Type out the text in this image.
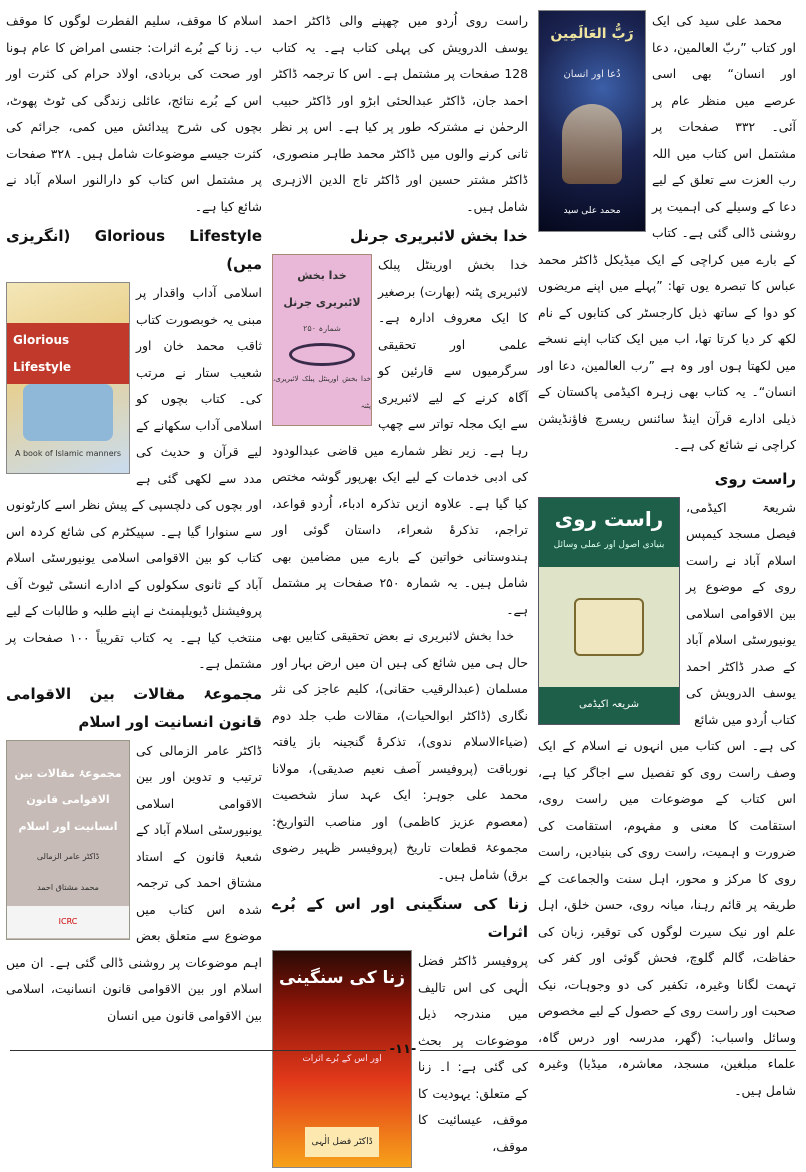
رَبُّ العَالَمِین
دُعا اور انسان
محمد علی سید

محمد علی سید کی ایک اور کتاب ”ربّ العالمین، دعا اور انسان“ بھی اسی عرصے میں منظر عام پر آئی۔ ۳۳۲ صفحات پر مشتمل اس کتاب میں اللہ رب العزت سے تعلق کے لیے دعا کے وسیلے کی اہمیت پر روشنی ڈالی گئی ہے۔ کتاب کے بارے میں کراچی کے ایک میڈیکل ڈاکٹر محمد عباس کا تبصرہ یوں تھا: ”پہلے میں اپنے مریضوں کو دوا کے ساتھ ذیل کارجسٹر کی کتابوں کے نام لکھ کر دیا کرتا تھا، اب میں ایک کتاب اپنے نسخے میں لکھتا ہوں اور وہ ہے ”رب العالمین، دعا اور انسان“۔ یہ کتاب بھی زہرہ اکیڈمی پاکستان کے ذیلی ادارے قرآن اینڈ سائنس ریسرچ فاؤنڈیشن کراچی نے شائع کی ہے۔

راست روی
راست روی
بنیادی اصول اور عملی وسائل
شریعہ اکیڈمی

شریعۃ اکیڈمی، فیصل مسجد کیمپس اسلام آباد نے راست روی کے موضوع پر بین الاقوامی اسلامی یونیورسٹی اسلام آباد کے صدر ڈاکٹر احمد یوسف الدرویش کی کتاب اُردو میں شائع

کی ہے۔ اس کتاب میں انہوں نے اسلام کے ایک وصف راست روی کو تفصیل سے اجاگر کیا ہے، اس کتاب کے موضوعات میں راست روی، استقامت کا معنی و مفہوم، استقامت کی ضرورت و اہمیت، راست روی کی بنیادیں، راست روی کا مرکز و محور، اہل سنت والجماعت کے طریقہ پر قائم رہنا، میانہ روی، حسن خلق، اہل علم اور نیک سیرت لوگوں کی توقیر، زبان کی حفاظت، گالم گلوچ، فحش گوئی اور کفر کی تہمت لگانا وغیرہ، تکفیر کی دو وجوہات، نیک صحبت اور راست روی کے حصول کے لیے مخصوص وسائل واسباب: (گھر، مدرسہ اور درس گاہ، علماء مبلغین، مسجد، معاشرہ، میڈیا) وغیرہ شامل ہیں۔

راست روی اُردو میں چھپنے والی ڈاکٹر احمد یوسف الدرویش کی پہلی کتاب ہے۔ یہ کتاب 128 صفحات پر مشتمل ہے۔ اس کا ترجمہ ڈاکٹر احمد جان، ڈاکٹر عبدالحئی ابڑو اور ڈاکٹر حبیب الرحمٰن نے مشترکہ طور پر کیا ہے۔ اس پر نظر ثانی کرنے والوں میں ڈاکٹر محمد طاہر منصوری، ڈاکٹر مشتر حسین اور ڈاکٹر تاج الدین الازہری شامل ہیں۔

خدا بخش لائبریری جرنل
خدا بخش لائبریری جرنل
شمارہ ۲۵۰
خدا بخش اورینٹل پبلک لائبریری، پٹنہ

خدا بخش اورینٹل پبلک لائبریری پٹنہ (بھارت) برصغیر کا ایک معروف ادارہ ہے۔ علمی اور تحقیقی سرگرمیوں سے قارئین کو آگاہ کرنے کے لیے لائبریری سے ایک مجلہ تواتر سے چھپ رہا ہے۔ زیر نظر شمارے میں قاضی عبدالودود کی ادبی خدمات کے لیے ایک بھرپور گوشہ مختص کیا گیا ہے۔ علاوہ ازیں تذکرہ ادباء، اُردو قواعد، تراجم، تذکرۂ شعراء، داستان گوئی اور ہندوستانی خواتین کے بارے میں مضامین بھی شامل ہیں۔ یہ شمارہ ۲۵۰ صفحات پر مشتمل ہے۔

خدا بخش لائبریری نے بعض تحقیقی کتابیں بھی حال ہی میں شائع کی ہیں ان میں ارض بہار اور مسلمان (عبدالرقیب حقانی)، کلیم عاجز کی نثر نگاری (ڈاکٹر ابوالحیات)، مقالات طب جلد دوم (ضیاءالاسلام ندوی)، تذکرۂ گنجینہ باز یافتہ نورباقت (پروفیسر آصف نعیم صدیقی)، مولانا محمد علی جوہر: ایک عہد ساز شخصیت (معصوم عزیز کاظمی) اور مناصب التواریخ: مجموعۂ قطعات تاریخ (پروفیسر ظہیر رضوی برق) شامل ہیں۔

زنا کی سنگینی اور اس کے بُرے اثرات
زنا کی سنگینی
اور اس کے بُرے اثرات
ڈاکٹر فضل الٰہی

پروفیسر ڈاکٹر فضل الٰہی کی اس تالیف میں مندرجہ ذیل موضوعات پر بحث کی گئی ہے: ا۔ زنا کے متعلق: یہودیت کا موقف، عیسائیت کا موقف،

اسلام کا موقف، سلیم الفطرت لوگوں کا موقف ب۔ زنا کے بُرے اثرات: جنسی امراض کا عام ہونا اور صحت کی بربادی، اولاد حرام کی کثرت اور اس کے بُرے نتائج، عائلی زندگی کی ٹوٹ پھوٹ، بچوں کی شرح پیدائش میں کمی، جرائم کی کثرت جیسے موضوعات شامل ہیں۔ ۳۲۸ صفحات پر مشتمل اس کتاب کو دارالنور اسلام آباد نے شائع کیا ہے۔

Glorious Lifestyle (انگریزی میں)
Glorious Lifestyle
A book of Islamic manners

اسلامی آداب واقدار پر مبنی یہ خوبصورت کتاب ثاقب محمد خان اور شعیب ستار نے مرتب کی۔ کتاب بچوں کو اسلامی آداب سکھانے کے لیے قرآن و حدیث کی مدد سے لکھی گئی ہے اور بچوں کی دلچسپی کے پیش نظر اسے کارٹونوں سے سنوارا گیا ہے۔ سپیکٹرم کی شائع کردہ اس کتاب کو بین الاقوامی اسلامی یونیورسٹی اسلام آباد کے ثانوی سکولوں کے ادارے انسٹی ٹیوٹ آف پروفیشنل ڈیویلپمنٹ نے اپنے طلبہ و طالبات کے لیے منتخب کیا ہے۔ یہ کتاب تقریباً ۱۰۰ صفحات پر مشتمل ہے۔

مجموعۂ مقالات بین الاقوامی قانون انسانیت اور اسلام
مجموعۂ مقالات بین الاقوامی قانون انسانیت اور اسلام
ڈاکٹر عامر الزمالی
محمد مشتاق احمد
ICRC

ڈاکٹر عامر الزمالی کی ترتیب و تدوین اور بین الاقوامی اسلامی یونیورسٹی اسلام آباد کے شعبۂ قانون کے استاد مشتاق احمد کی ترجمہ شدہ اس کتاب میں موضوع سے متعلق بعض اہم موضوعات پر روشنی ڈالی گئی ہے۔ ان میں اسلام اور بین الاقوامی قانون انسانیت، اسلامی بین الاقوامی قانون میں انسان

-۱۱-
